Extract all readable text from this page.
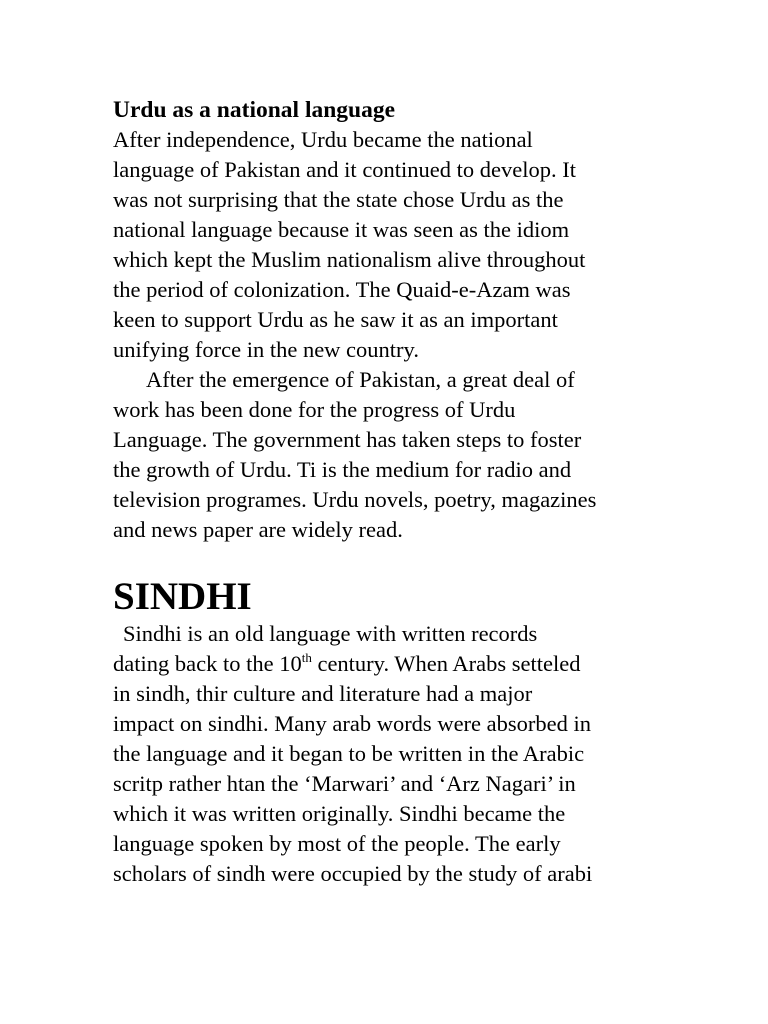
Urdu as a national language
After independence, Urdu became the national
language of Pakistan and it continued to develop. It
was not surprising that the state chose Urdu as the
national language because it was seen as the idiom
which kept the Muslim nationalism alive throughout
the period of colonization. The Quaid-e-Azam was
keen to support Urdu as he saw it as an important
unifying force in the new country.
After the emergence of Pakistan, a great deal of
work has been done for the progress of Urdu
Language. The government has taken steps to foster
the growth of Urdu. Ti is the medium for radio and
television programes. Urdu novels, poetry, magazines
and news paper are widely read.
SINDHI
Sindhi is an old language with written records
dating back to the 10th century. When Arabs setteled
in sindh, thir culture and literature had a major
impact on sindhi. Many arab words were absorbed in
the language and it began to be written in the Arabic
scritp rather htan the ‘Marwari’ and ‘Arz Nagari’ in
which it was written originally. Sindhi became the
language spoken by most of the people. The early
scholars of sindh were occupied by the study of arabi
